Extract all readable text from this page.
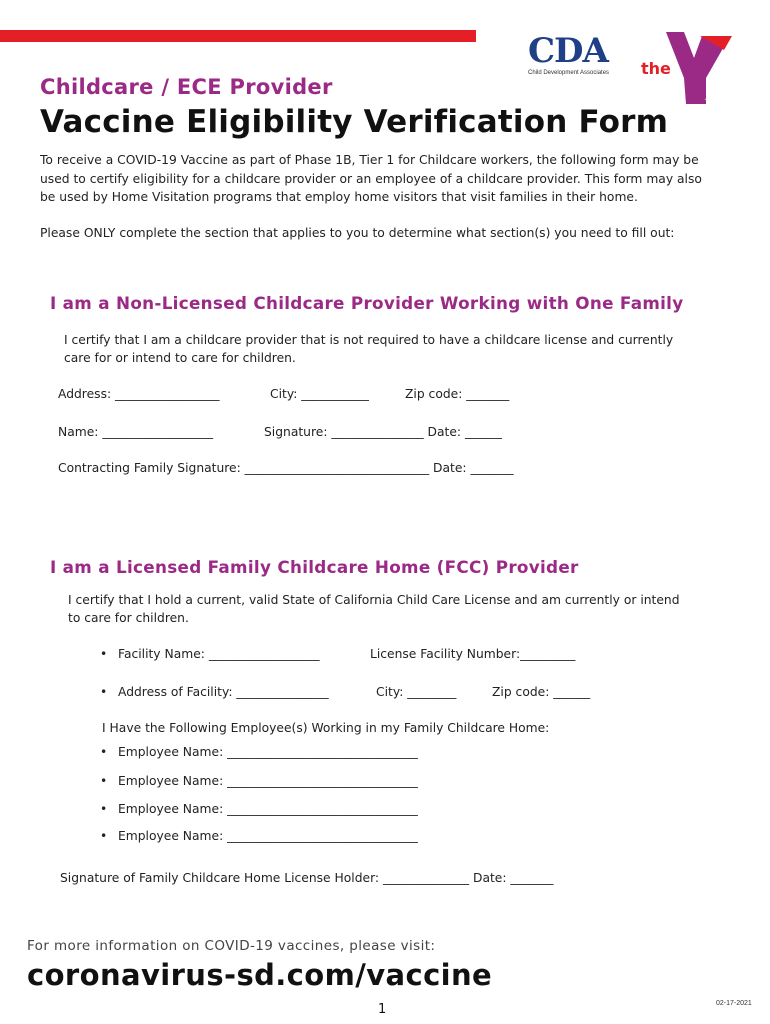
CDA
Child Development Associates	the
YMCA
Childcare / ECE Provider
Vaccine Eligibility Verification Form
To receive a COVID-19 Vaccine as part of Phase 1B, Tier 1 for Childcare workers, the following form may be
used to certify eligibility for a childcare provider or an employee of a childcare provider. This form may also
be used by Home Visitation programs that employ home visitors that visit families in their home.
Please ONLY complete the section that applies to you to determine what section(s) you need to fill out:
I am a Non-Licensed Childcare Provider Working with One Family
I certify that I am a childcare provider that is not required to have a childcare license and currently
care for or intend to care for children.
Address: _________________	City: ___________	Zip code: _______
Name: __________________	Signature: _______________ Date: ______
Contracting Family Signature: ______________________________ Date: _______
I am a Licensed Family Childcare Home (FCC) Provider
I certify that I hold a current, valid State of California Child Care License and am currently or intend
to care for children.
• Facility Name: __________________	License Facility Number:_________
• Address of Facility: _______________	City: ________	Zip code: ______
I Have the Following Employee(s) Working in my Family Childcare Home:
• Employee Name: _______________________________
• Employee Name: _______________________________
• Employee Name: _______________________________
• Employee Name: _______________________________
Signature of Family Childcare Home License Holder: ______________ Date: _______
For more information on COVID-19 vaccines, please visit:
coronavirus-sd.com/vaccine
1	02-17-2021
